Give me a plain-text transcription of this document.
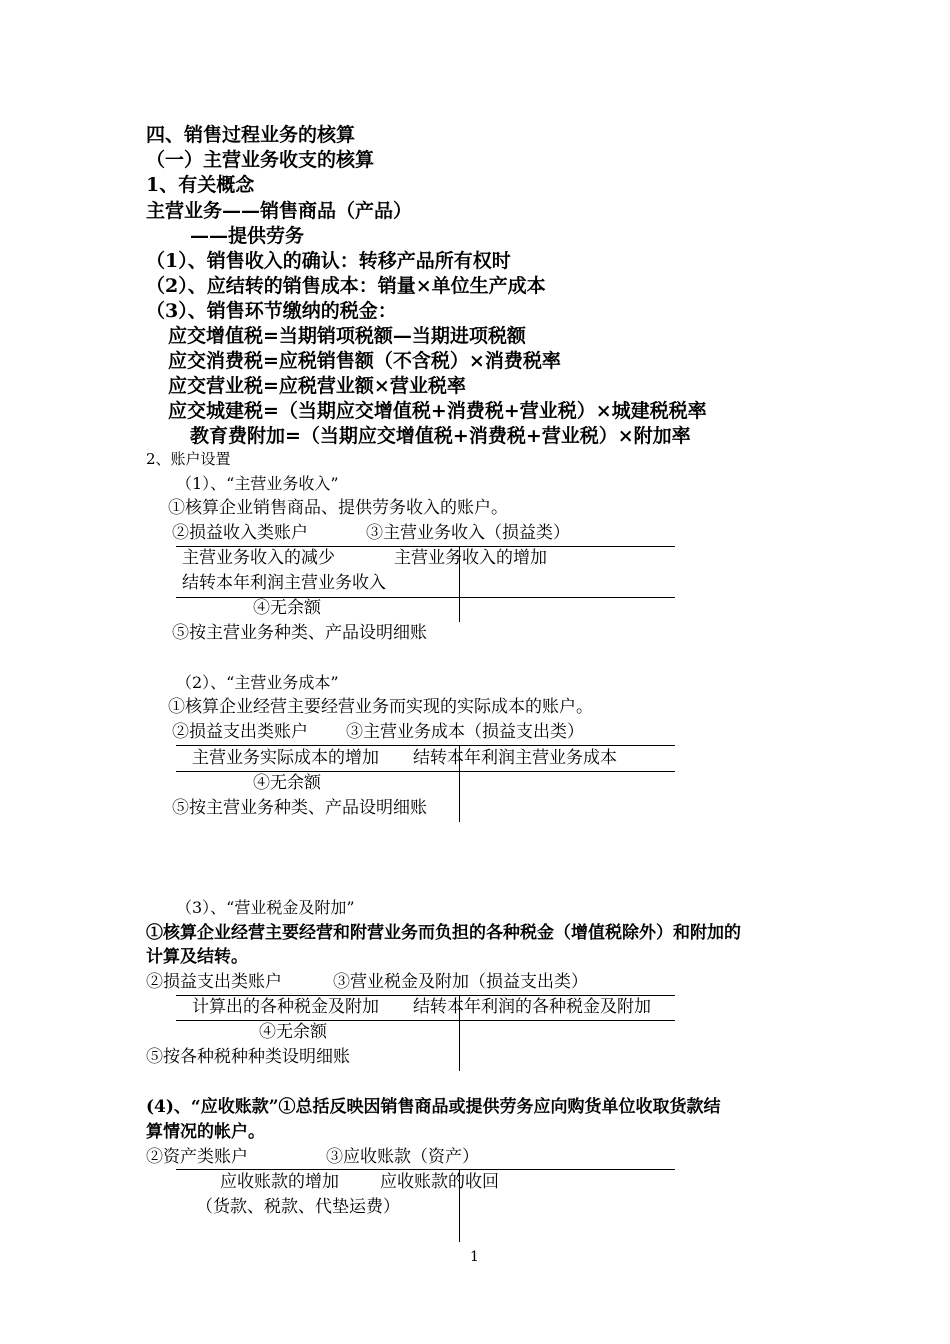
四、销售过程业务的核算
（一）主营业务收支的核算
1、有关概念
主营业务——销售商品（产品）
——提供劳务
（1）、销售收入的确认：转移产品所有权时
（2）、应结转的销售成本：销量×单位生产成本
（3）、销售环节缴纳的税金：
应交增值税=当期销项税额—当期进项税额
应交消费税=应税销售额（不含税）×消费税率
应交营业税=应税营业额×营业税率
应交城建税=（当期应交增值税+消费税+营业税）×城建税税率
教育费附加=（当期应交增值税+消费税+营业税）×附加率
2、账户设置
（1）、“主营业务收入”
①核算企业销售商品、提供劳务收入的账户。
②损益收入类账户	③主营业务收入（损益类）
主营业务收入的减少	主营业务收入的增加
结转本年利润主营业务收入
④无余额
⑤按主营业务种类、产品设明细账
（2）、“主营业务成本”
①核算企业经营主要经营业务而实现的实际成本的账户。
②损益支出类账户 ③主营业务成本（损益支出类）
主营业务实际成本的增加 结转本年利润主营业务成本
④无余额
⑤按主营业务种类、产品设明细账
（3）、“营业税金及附加”
①核算企业经营主要经营和附营业务而负担的各种税金（增值税除外）和附加的
计算及结转。
②损益支出类账户	③营业税金及附加（损益支出类）
计算出的各种税金及附加 结转本年利润的各种税金及附加
④无余额
⑤按各种税种种类设明细账
(4)、“应收账款”①总括反映因销售商品或提供劳务应向购货单位收取货款结
算情况的帐户。
②资产类账户	③应收账款（资产）
应收账款的增加 应收账款的收回
（货款、税款、代垫运费）
1
